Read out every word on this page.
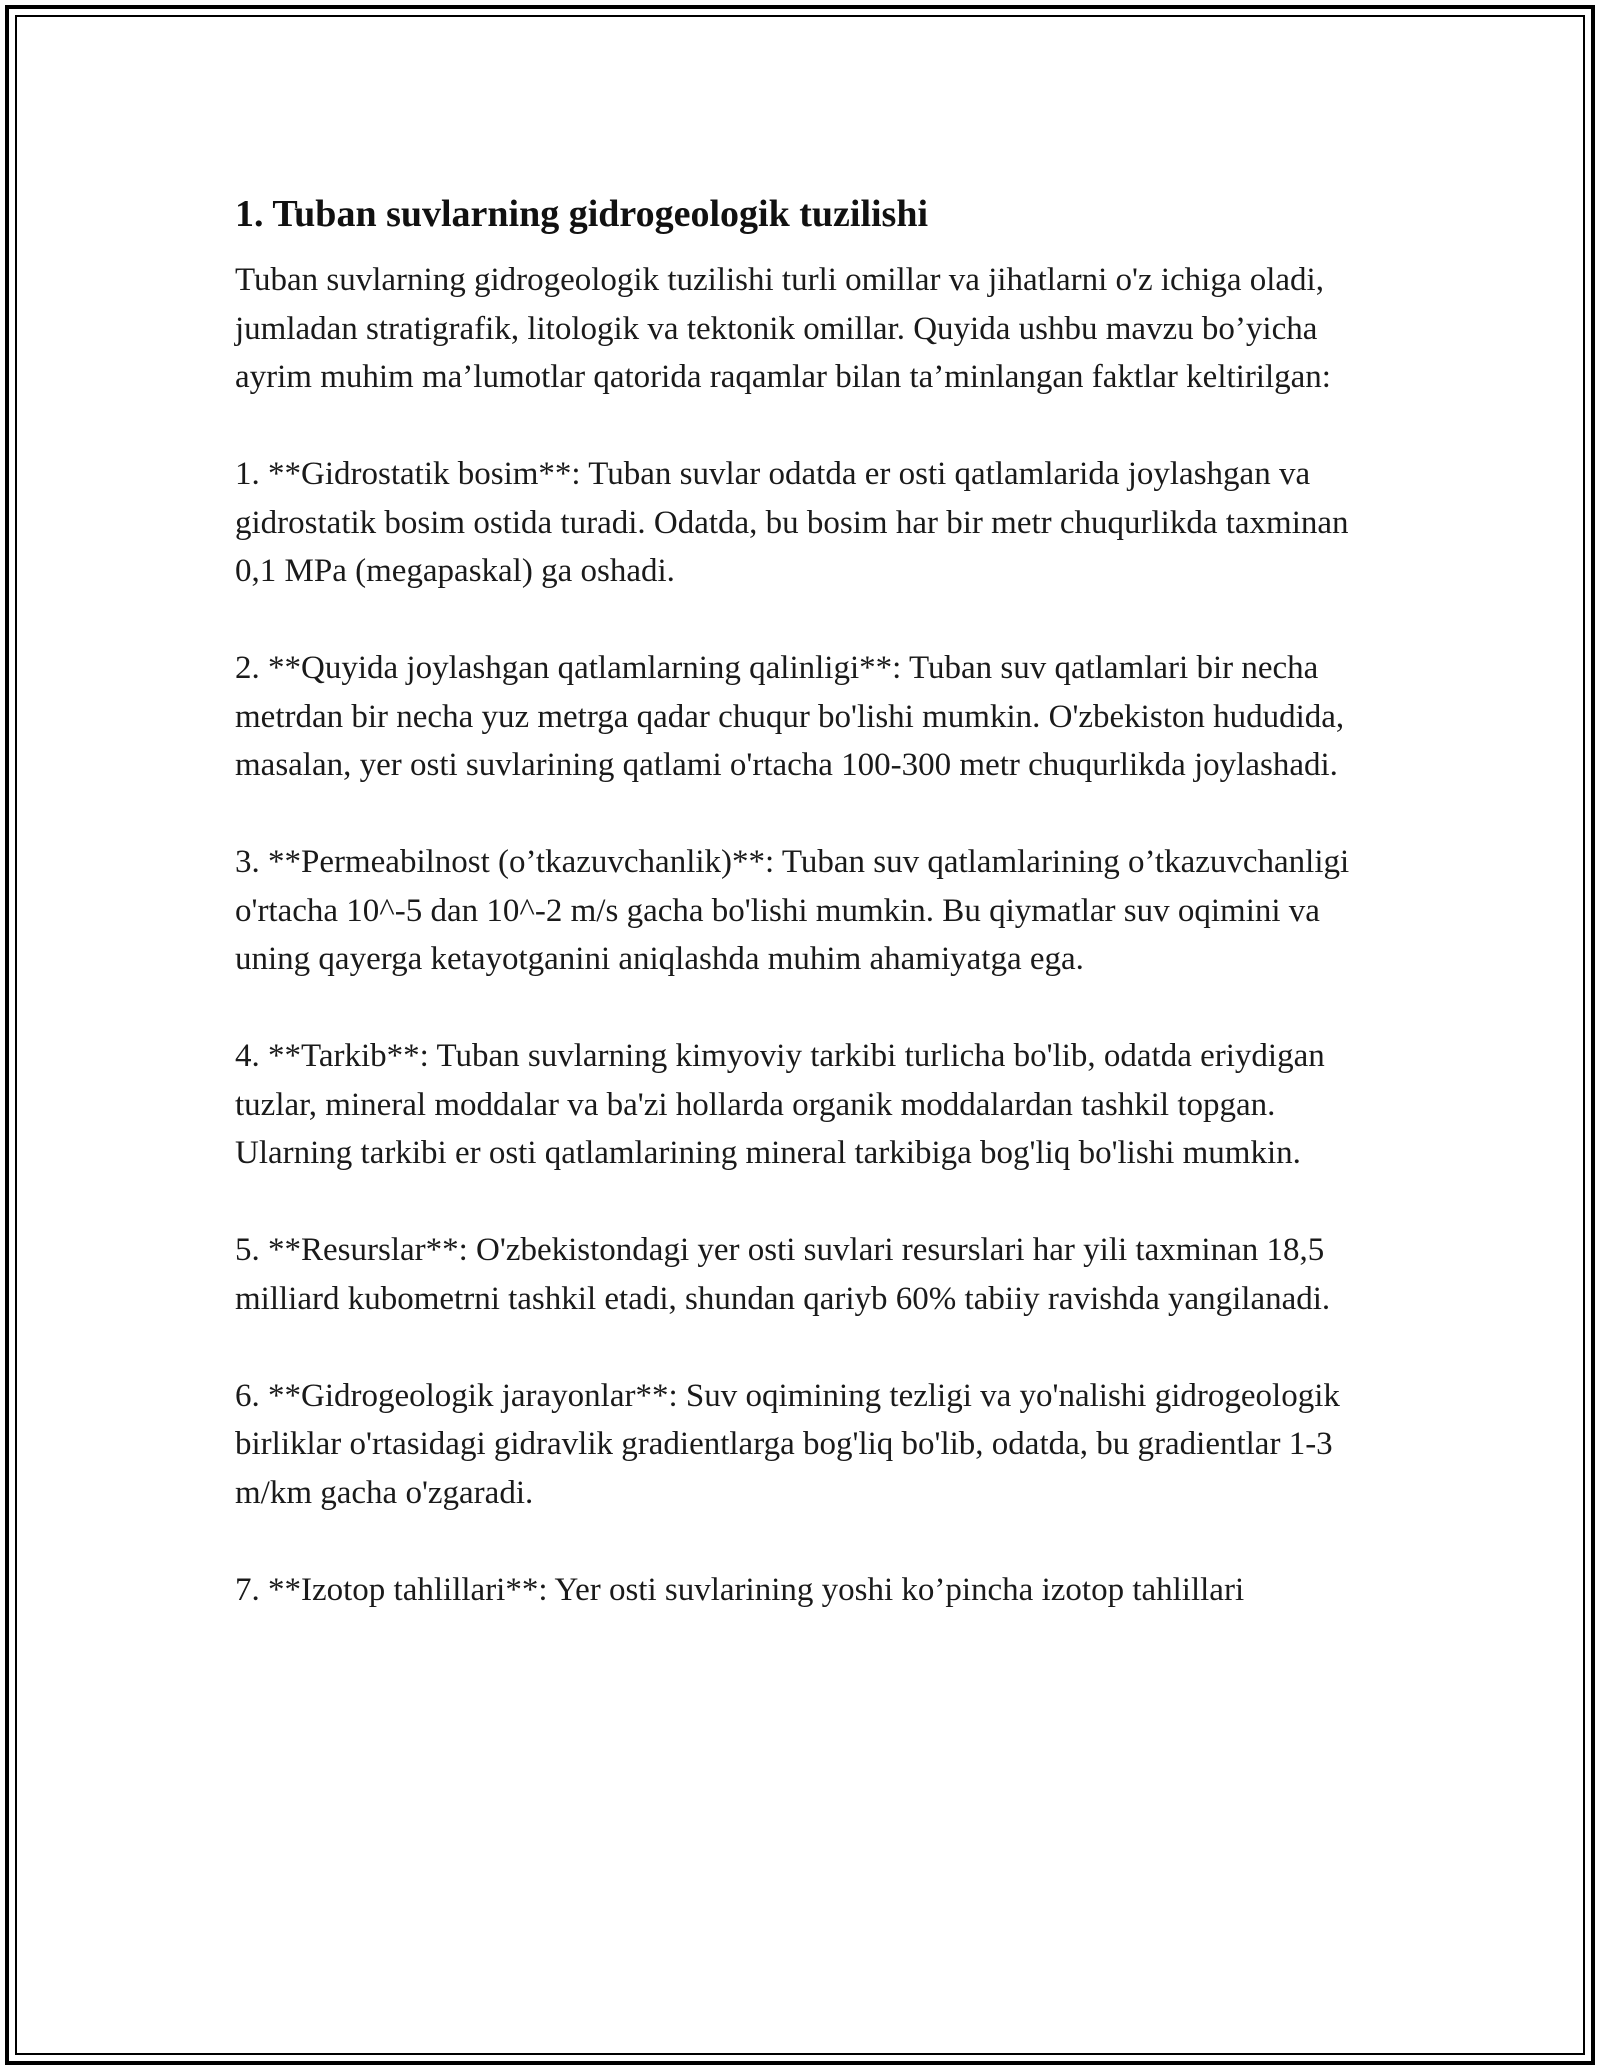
1. Tuban suvlarning gidrogeologik tuzilishi

Tuban suvlarning gidrogeologik tuzilishi turli omillar va jihatlarni o'z ichiga oladi, jumladan stratigrafik, litologik va tektonik omillar. Quyida ushbu mavzu bo’yicha ayrim muhim ma’lumotlar qatorida raqamlar bilan ta’minlangan faktlar keltirilgan:

1. **Gidrostatik bosim**: Tuban suvlar odatda er osti qatlamlarida joylashgan va gidrostatik bosim ostida turadi. Odatda, bu bosim har bir metr chuqurlikda taxminan 0,1 MPa (megapaskal) ga oshadi.

2. **Quyida joylashgan qatlamlarning qalinligi**: Tuban suv qatlamlari bir necha metrdan bir necha yuz metrga qadar chuqur bo'lishi mumkin. O'zbekiston hududida, masalan, yer osti suvlarining qatlami o'rtacha 100-300 metr chuqurlikda joylashadi.

3. **Permeabilnost (o’tkazuvchanlik)**: Tuban suv qatlamlarining o’tkazuvchanligi o'rtacha 10^-5 dan 10^-2 m/s gacha bo'lishi mumkin. Bu qiymatlar suv oqimini va uning qayerga ketayotganini aniqlashda muhim ahamiyatga ega.

4. **Tarkib**: Tuban suvlarning kimyoviy tarkibi turlicha bo'lib, odatda eriydigan tuzlar, mineral moddalar va ba'zi hollarda organik moddalardan tashkil topgan. Ularning tarkibi er osti qatlamlarining mineral tarkibiga bog'liq bo'lishi mumkin.

5. **Resurslar**: O'zbekistondagi yer osti suvlari resurslari har yili taxminan 18,5 milliard kubometrni tashkil etadi, shundan qariyb 60% tabiiy ravishda yangilanadi.

6. **Gidrogeologik jarayonlar**: Suv oqimining tezligi va yo'nalishi gidrogeologik birliklar o'rtasidagi gidravlik gradientlarga bog'liq bo'lib, odatda, bu gradientlar 1-3 m/km gacha o'zgaradi.

7. **Izotop tahlillari**: Yer osti suvlarining yoshi ko’pincha izotop tahlillari
